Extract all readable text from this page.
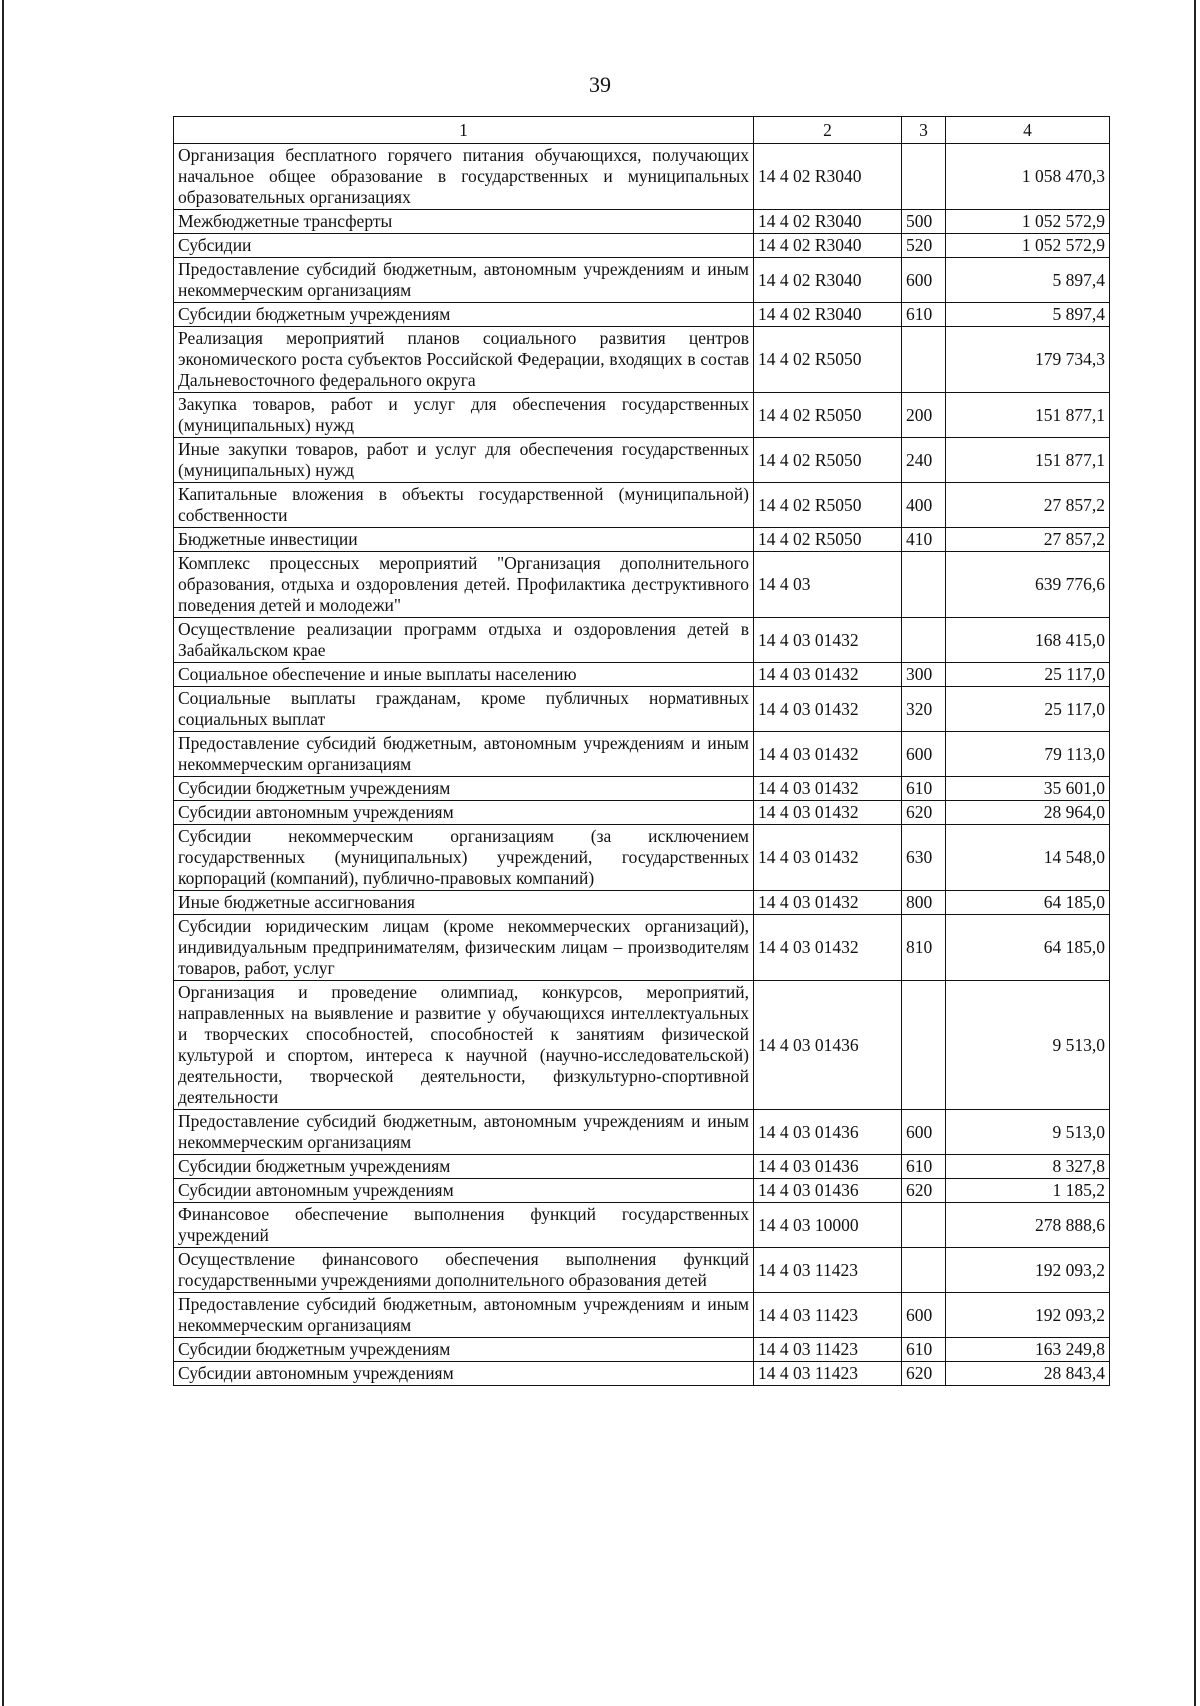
39
1	2	3	4
Организация бесплатного горячего питания обучающихся, получающих начальное общее образование в государственных и муниципальных образовательных организациях	14 4 02 R3040		1 058 470,3
Межбюджетные трансферты	14 4 02 R3040	500	1 052 572,9
Субсидии	14 4 02 R3040	520	1 052 572,9
Предоставление субсидий бюджетным, автономным учреждениям и иным некоммерческим организациям	14 4 02 R3040	600	5 897,4
Субсидии бюджетным учреждениям	14 4 02 R3040	610	5 897,4
Реализация мероприятий планов социального развития центров экономического роста субъектов Российской Федерации, входящих в состав Дальневосточного федерального округа	14 4 02 R5050		179 734,3
Закупка товаров, работ и услуг для обеспечения государственных (муниципальных) нужд	14 4 02 R5050	200	151 877,1
Иные закупки товаров, работ и услуг для обеспечения государственных (муниципальных) нужд	14 4 02 R5050	240	151 877,1
Капитальные вложения в объекты государственной (муниципальной) собственности	14 4 02 R5050	400	27 857,2
Бюджетные инвестиции	14 4 02 R5050	410	27 857,2
Комплекс процессных мероприятий "Организация дополнительного образования, отдыха и оздоровления детей. Профилактика деструктивного поведения детей и молодежи"	14 4 03		639 776,6
Осуществление реализации программ отдыха и оздоровления детей в Забайкальском крае	14 4 03 01432		168 415,0
Социальное обеспечение и иные выплаты населению	14 4 03 01432	300	25 117,0
Социальные выплаты гражданам, кроме публичных нормативных социальных выплат	14 4 03 01432	320	25 117,0
Предоставление субсидий бюджетным, автономным учреждениям и иным некоммерческим организациям	14 4 03 01432	600	79 113,0
Субсидии бюджетным учреждениям	14 4 03 01432	610	35 601,0
Субсидии автономным учреждениям	14 4 03 01432	620	28 964,0
Субсидии некоммерческим организациям (за исключением государственных (муниципальных) учреждений, государственных корпораций (компаний), публично-правовых компаний)	14 4 03 01432	630	14 548,0
Иные бюджетные ассигнования	14 4 03 01432	800	64 185,0
Субсидии юридическим лицам (кроме некоммерческих организаций), индивидуальным предпринимателям, физическим лицам – производителям товаров, работ, услуг	14 4 03 01432	810	64 185,0
Организация и проведение олимпиад, конкурсов, мероприятий, направленных на выявление и развитие у обучающихся интеллектуальных и творческих способностей, способностей к занятиям физической культурой и спортом, интереса к научной (научно-исследовательской) деятельности, творческой деятельности, физкультурно-спортивной деятельности	14 4 03 01436		9 513,0
Предоставление субсидий бюджетным, автономным учреждениям и иным некоммерческим организациям	14 4 03 01436	600	9 513,0
Субсидии бюджетным учреждениям	14 4 03 01436	610	8 327,8
Субсидии автономным учреждениям	14 4 03 01436	620	1 185,2
Финансовое обеспечение выполнения функций государственных учреждений	14 4 03 10000		278 888,6
Осуществление финансового обеспечения выполнения функций государственными учреждениями дополнительного образования детей	14 4 03 11423		192 093,2
Предоставление субсидий бюджетным, автономным учреждениям и иным некоммерческим организациям	14 4 03 11423	600	192 093,2
Субсидии бюджетным учреждениям	14 4 03 11423	610	163 249,8
Субсидии автономным учреждениям	14 4 03 11423	620	28 843,4
